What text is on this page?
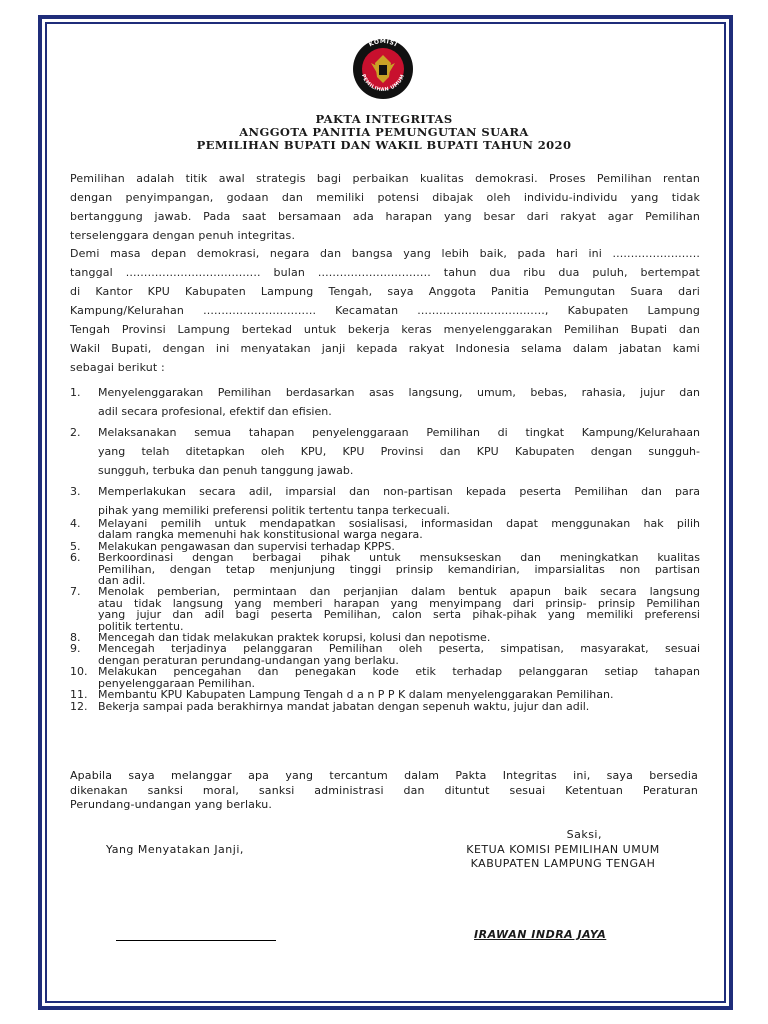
KOMISI
PEMILIHAN UMUM
PAKTA INTEGRITAS
ANGGOTA PANITIA PEMUNGUTAN SUARA
PEMILIHAN BUPATI DAN WAKIL BUPATI TAHUN 2020
Pemilihan adalah titik awal strategis bagi perbaikan kualitas demokrasi. Proses Pemilihan rentan
dengan penyimpangan, godaan dan memiliki potensi dibajak oleh individu-individu yang tidak
bertanggung jawab. Pada saat bersamaan ada harapan yang besar dari rakyat agar Pemilihan
terselenggara dengan penuh integritas.
Demi masa depan demokrasi, negara dan bangsa yang lebih baik, pada hari ini ........................
tanggal ..................................... bulan ............................... tahun dua ribu dua puluh, bertempat
di Kantor KPU Kabupaten Lampung Tengah, saya Anggota Panitia Pemungutan Suara dari
Kampung/Kelurahan ............................... Kecamatan ..................................., Kabupaten Lampung
Tengah Provinsi Lampung bertekad untuk bekerja keras menyelenggarakan Pemilihan Bupati dan
Wakil Bupati, dengan ini menyatakan janji kepada rakyat Indonesia selama dalam jabatan kami
sebagai berikut :
1.	Menyelenggarakan Pemilihan berdasarkan asas langsung, umum, bebas, rahasia, jujur dan
adil secara profesional, efektif dan efisien.
2.	Melaksanakan semua tahapan penyelenggaraan Pemilihan di tingkat Kampung/Kelurahaan
yang telah ditetapkan oleh KPU, KPU Provinsi dan KPU Kabupaten dengan sungguh-
sungguh, terbuka dan penuh tanggung jawab.
3.	Memperlakukan secara adil, imparsial dan non-partisan kepada peserta Pemilihan dan para
pihak yang memiliki preferensi politik tertentu tanpa terkecuali.
4.	Melayani pemilih untuk mendapatkan sosialisasi, informasidan dapat menggunakan hak pilih
dalam rangka memenuhi hak konstitusional warga negara.
5.	Melakukan pengawasan dan supervisi terhadap KPPS.
6.	Berkoordinasi dengan berbagai pihak untuk mensukseskan dan meningkatkan kualitas
Pemilihan, dengan tetap menjunjung tinggi prinsip kemandirian, imparsialitas non partisan
dan adil.
7.	Menolak pemberian, permintaan dan perjanjian dalam bentuk apapun baik secara langsung
atau tidak langsung yang memberi harapan yang menyimpang dari prinsip- prinsip Pemilihan
yang jujur dan adil bagi peserta Pemilihan, calon serta pihak-pihak yang memiliki preferensi
politik tertentu.
8.	Mencegah dan tidak melakukan praktek korupsi, kolusi dan nepotisme.
9.	Mencegah terjadinya pelanggaran Pemilihan oleh peserta, simpatisan, masyarakat, sesuai
dengan peraturan perundang-undangan yang berlaku.
10. Melakukan pencegahan dan penegakan kode etik terhadap pelanggaran setiap tahapan
penyelenggaraan Pemilihan.
11. Membantu KPU Kabupaten Lampung Tengah d a n P P K dalam menyelenggarakan Pemilihan.
12. Bekerja sampai pada berakhirnya mandat jabatan dengan sepenuh waktu, jujur dan adil.
Apabila saya melanggar apa yang tercantum dalam Pakta Integritas ini, saya bersedia
dikenakan sanksi moral, sanksi administrasi dan dituntut sesuai Ketentuan Peraturan
Perundang-undangan yang berlaku.
Yang Menyatakan Janji,
Saksi,
KETUA KOMISI PEMILIHAN UMUM
KABUPATEN LAMPUNG TENGAH
IRAWAN INDRA JAYA
